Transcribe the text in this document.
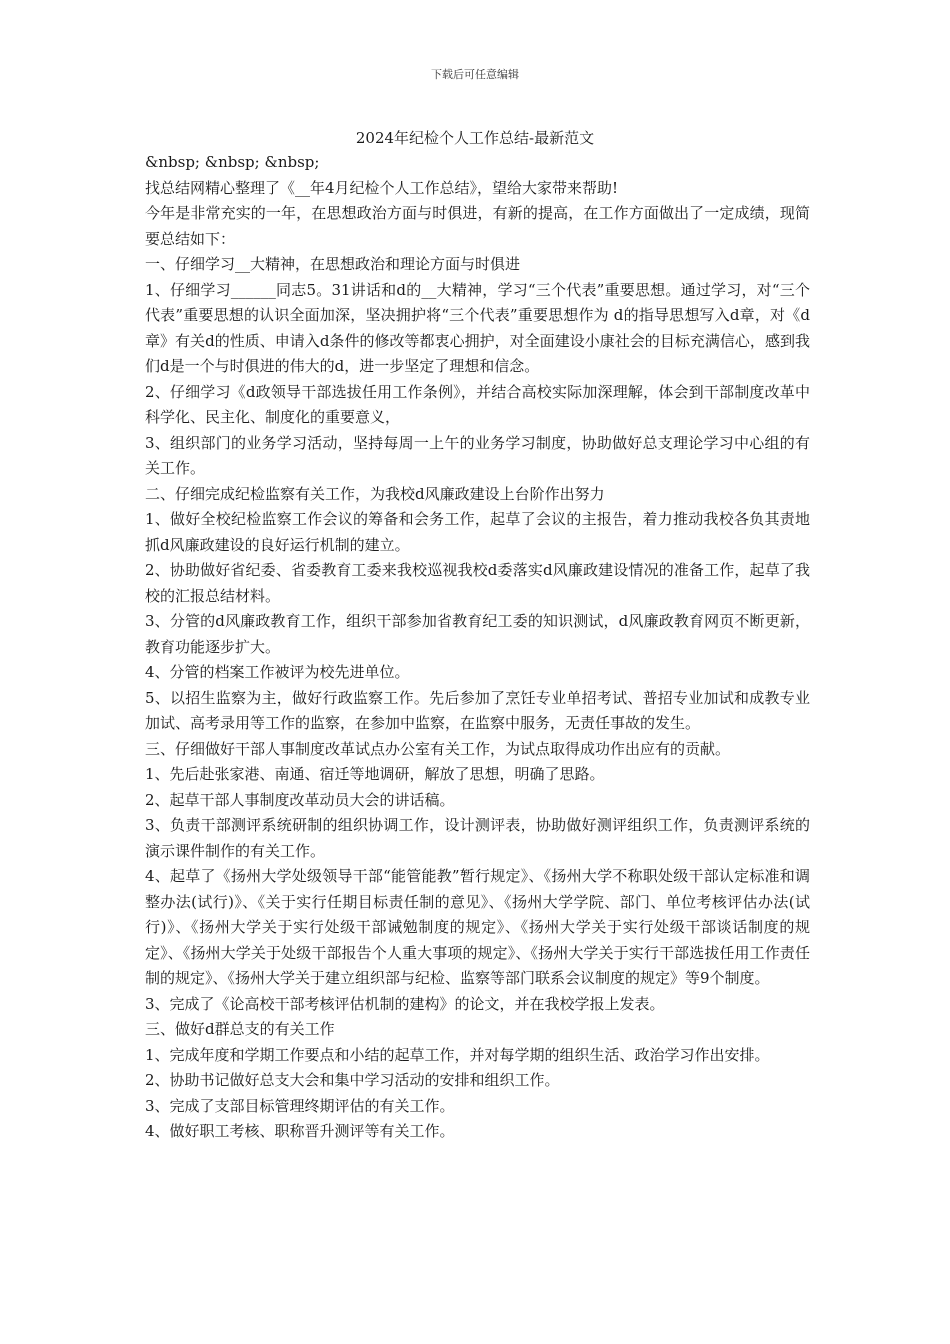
下载后可任意编辑
2024年纪检个人工作总结-最新范文

&nbsp; &nbsp; &nbsp;

找总结网精心整理了《__年4月纪检个人工作总结》，望给大家带来帮助!

今年是非常充实的一年，在思想政治方面与时俱进，有新的提高，在工作方面做出了一定成绩，现简要总结如下：

一、仔细学习__大精神，在思想政治和理论方面与时俱进

1、仔细学习______同志5。31讲话和d的__大精神，学习“三个代表”重要思想。通过学习，对“三个代表”重要思想的认识全面加深，坚决拥护将“三个代表”重要思想作为 d的指导思想写入d章，对《d章》有关d的性质、申请入d条件的修改等都衷心拥护，对全面建设小康社会的目标充满信心，感到我们d是一个与时俱进的伟大的d，进一步坚定了理想和信念。

2、仔细学习《d政领导干部选拔任用工作条例》，并结合高校实际加深理解，体会到干部制度改革中科学化、民主化、制度化的重要意义，

3、组织部门的业务学习活动，坚持每周一上午的业务学习制度，协助做好总支理论学习中心组的有关工作。

二、仔细完成纪检监察有关工作，为我校d风廉政建设上台阶作出努力

1、做好全校纪检监察工作会议的筹备和会务工作，起草了会议的主报告，着力推动我校各负其责地抓d风廉政建设的良好运行机制的建立。

2、协助做好省纪委、省委教育工委来我校巡视我校d委落实d风廉政建设情况的准备工作，起草了我校的汇报总结材料。

3、分管的d风廉政教育工作，组织干部参加省教育纪工委的知识测试，d风廉政教育网页不断更新，教育功能逐步扩大。

4、分管的档案工作被评为校先进单位。

5、以招生监察为主，做好行政监察工作。先后参加了烹饪专业单招考试、普招专业加试和成教专业加试、高考录用等工作的监察，在参加中监察，在监察中服务，无责任事故的发生。

三、仔细做好干部人事制度改革试点办公室有关工作，为试点取得成功作出应有的贡献。

1、先后赴张家港、南通、宿迁等地调研，解放了思想，明确了思路。

2、起草干部人事制度改革动员大会的讲话稿。

3、负责干部测评系统研制的组织协调工作，设计测评表，协助做好测评组织工作，负责测评系统的演示课件制作的有关工作。

4、起草了《扬州大学处级领导干部“能管能教”暂行规定》、《扬州大学不称职处级干部认定标准和调整办法(试行)》、《关于实行任期目标责任制的意见》、《扬州大学学院、部门、单位考核评估办法(试行)》、《扬州大学关于实行处级干部诫勉制度的规定》、《扬州大学关于实行处级干部谈话制度的规定》、《扬州大学关于处级干部报告个人重大事项的规定》、《扬州大学关于实行干部选拔任用工作责任制的规定》、《扬州大学关于建立组织部与纪检、监察等部门联系会议制度的规定》等9个制度。

3、完成了《论高校干部考核评估机制的建构》的论文，并在我校学报上发表。

三、做好d群总支的有关工作

1、完成年度和学期工作要点和小结的起草工作，并对每学期的组织生活、政治学习作出安排。

2、协助书记做好总支大会和集中学习活动的安排和组织工作。

3、完成了支部目标管理终期评估的有关工作。

4、做好职工考核、职称晋升测评等有关工作。
